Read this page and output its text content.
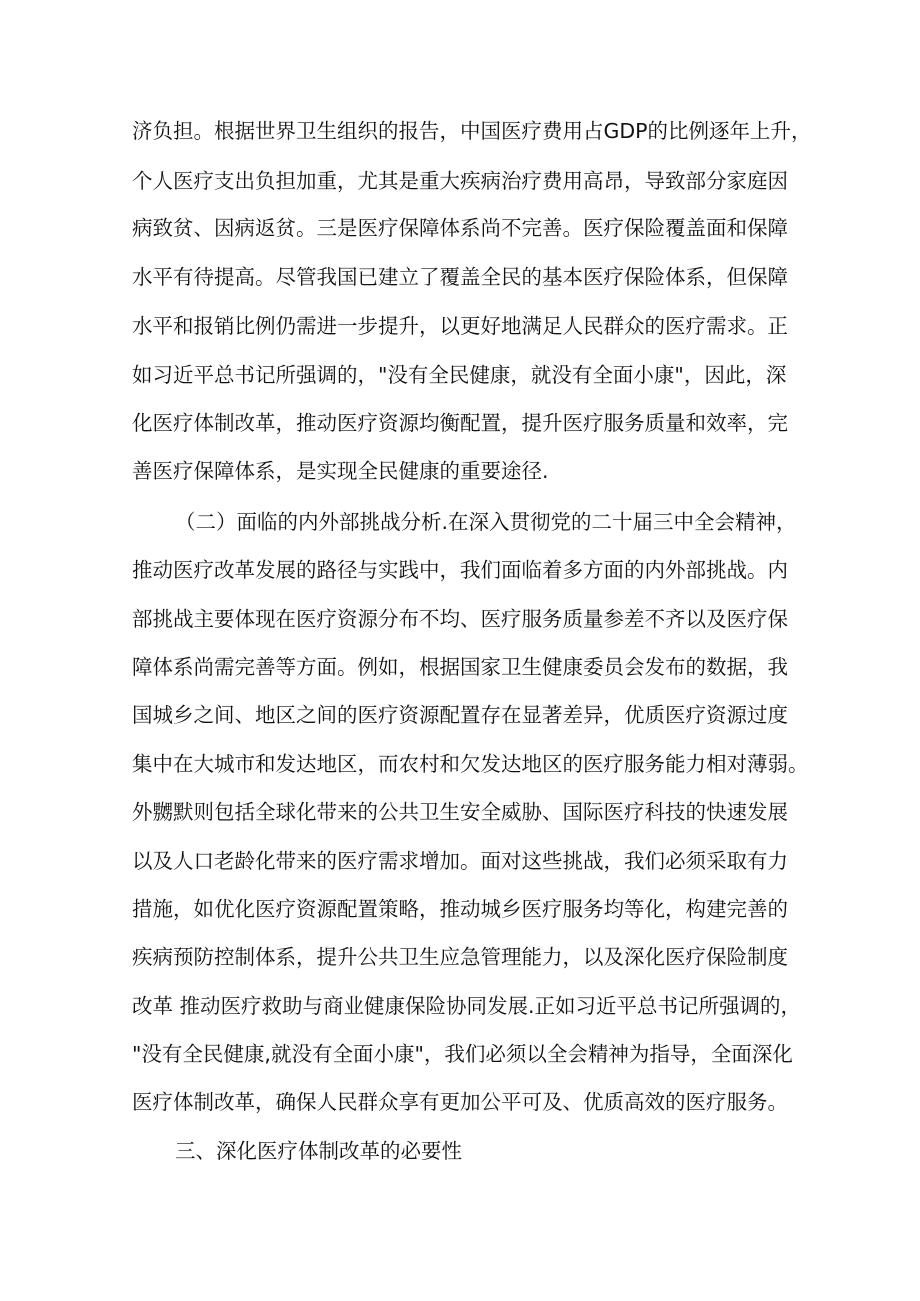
济负担。根据世界卫生组织的报告，中国医疗费用占GDP的比例逐年上升，
个人医疗支出负担加重，尤其是重大疾病治疗费用高昂，导致部分家庭因
病致贫、因病返贫。三是医疗保障体系尚不完善。医疗保险覆盖面和保障
水平有待提高。尽管我国已建立了覆盖全民的基本医疗保险体系，但保障
水平和报销比例仍需进一步提升，以更好地满足人民群众的医疗需求。正
如习近平总书记所强调的，"没有全民健康，就没有全面小康"，因此，深
化医疗体制改革，推动医疗资源均衡配置，提升医疗服务质量和效率，完
善医疗保障体系，是实现全民健康的重要途径.
（二）面临的内外部挑战分析.在深入贯彻党的二十届三中全会精神，
推动医疗改革发展的路径与实践中，我们面临着多方面的内外部挑战。内
部挑战主要体现在医疗资源分布不均、医疗服务质量参差不齐以及医疗保
障体系尚需完善等方面。例如，根据国家卫生健康委员会发布的数据，我
国城乡之间、地区之间的医疗资源配置存在显著差异，优质医疗资源过度
集中在大城市和发达地区，而农村和欠发达地区的医疗服务能力相对薄弱。
外嬲默则包括全球化带来的公共卫生安全威胁、国际医疗科技的快速发展
以及人口老龄化带来的医疗需求增加。面对这些挑战，我们必须采取有力
措施，如优化医疗资源配置策略，推动城乡医疗服务均等化，构建完善的
疾病预防控制体系，提升公共卫生应急管理能力，以及深化医疗保险制度
改革 推动医疗救助与商业健康保险协同发展.正如习近平总书记所强调的，
"没有全民健康,就没有全面小康"，我们必须以全会精神为指导，全面深化
医疗体制改革，确保人民群众享有更加公平可及、优质高效的医疗服务。
三、深化医疗体制改革的必要性
